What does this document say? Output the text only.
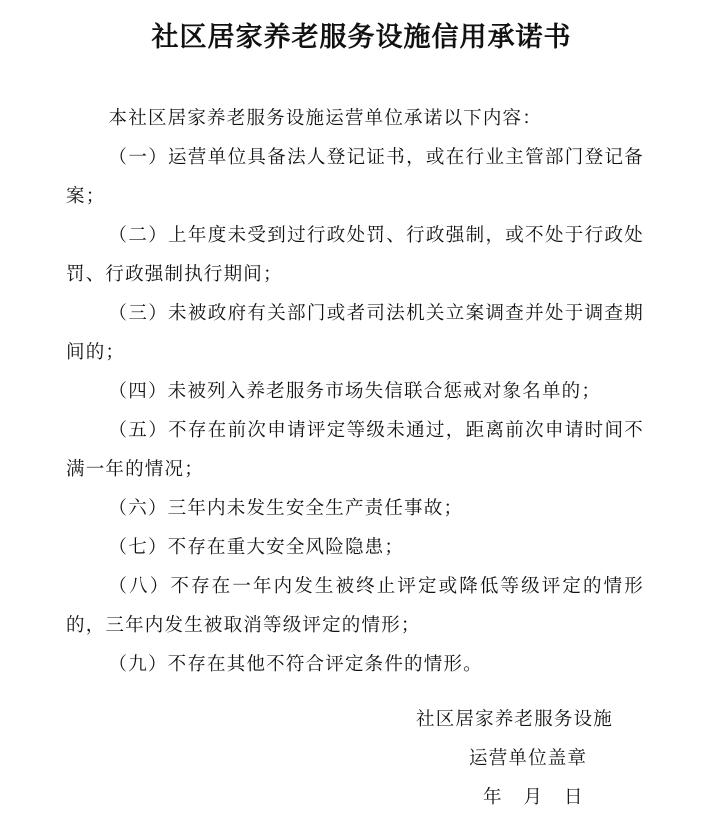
社区居家养老服务设施信用承诺书

本社区居家养老服务设施运营单位承诺以下内容：

（一）运营单位具备法人登记证书，或在行业主管部门登记备案；

（二）上年度未受到过行政处罚、行政强制，或不处于行政处罚、行政强制执行期间；

（三）未被政府有关部门或者司法机关立案调查并处于调查期间的；

（四）未被列入养老服务市场失信联合惩戒对象名单的；

（五）不存在前次申请评定等级未通过，距离前次申请时间不满一年的情况；

（六）三年内未发生安全生产责任事故；

（七）不存在重大安全风险隐患；

（八）不存在一年内发生被终止评定或降低等级评定的情形的，三年内发生被取消等级评定的情形；

（九）不存在其他不符合评定条件的情形。

社区居家养老服务设施
运营单位盖章
年 月 日
